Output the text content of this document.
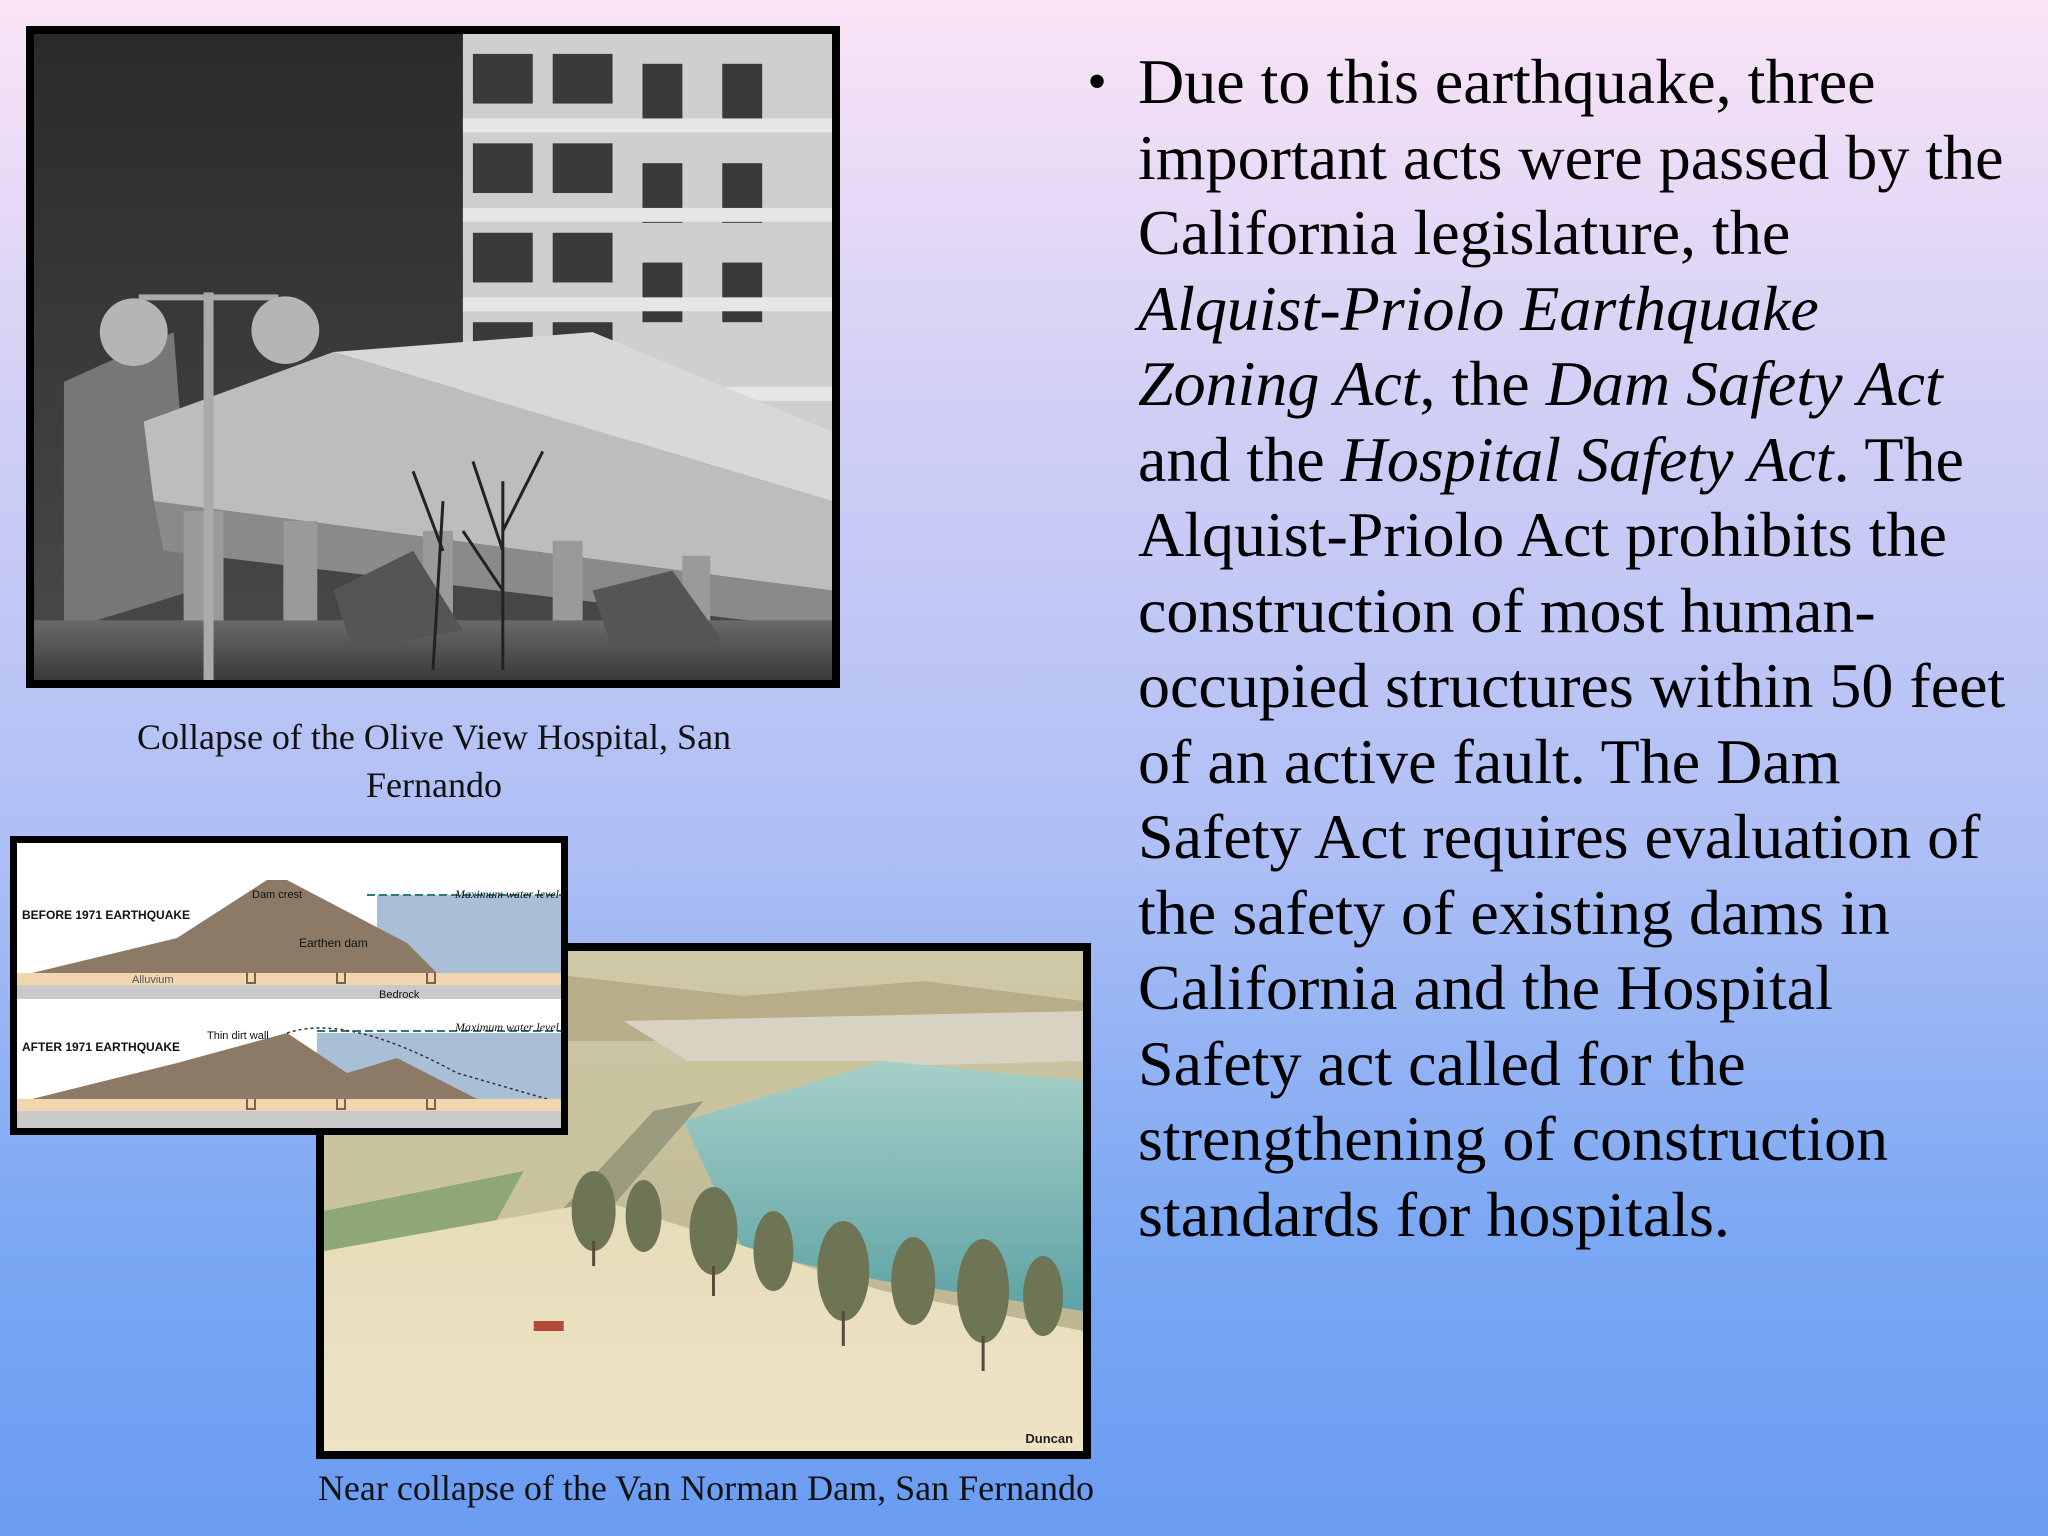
Collapse of the Olive View Hospital, San Fernando

Duncan
BEFORE 1971 EARTHQUAKE
Dam crest	Maximum water level
Earthen dam
Alluvium
Bedrock
AFTER 1971 EARTHQUAKE
Thin dirt wall
Maximum water level

Near collapse of the Van Norman Dam, San Fernando

• Due to this earthquake, three important acts were passed by the California legislature, the Alquist-Priolo Earthquake Zoning Act, the Dam Safety Act and the Hospital Safety Act. The Alquist-Priolo Act prohibits the construction of most human-occupied structures within 50 feet of an active fault. The Dam Safety Act requires evaluation of the safety of existing dams in California and the Hospital Safety act called for the strengthening of construction standards for hospitals.
